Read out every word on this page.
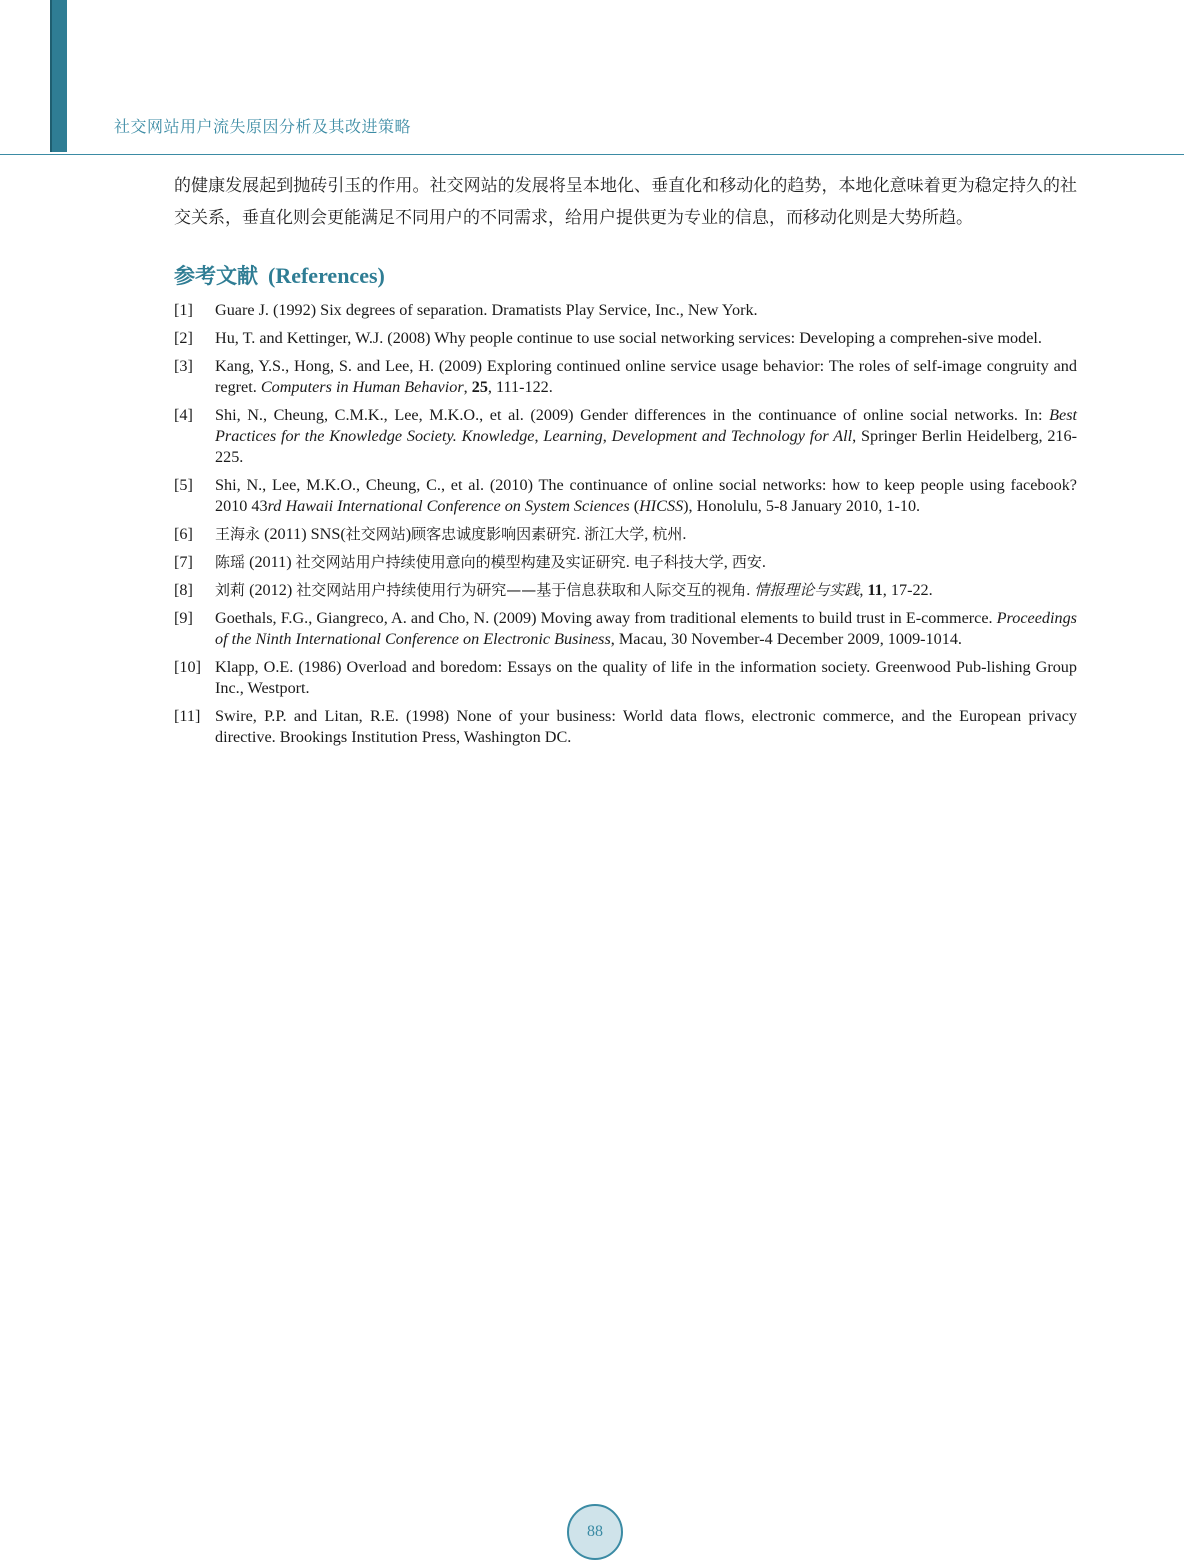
社交网站用户流失原因分析及其改进策略

的健康发展起到抛砖引玉的作用。社交网站的发展将呈本地化、垂直化和移动化的趋势，本地化意味着更为稳定持久的社交关系，垂直化则会更能满足不同用户的不同需求，给用户提供更为专业的信息，而移动化则是大势所趋。

参考文献 (References)
[1]	Guare J. (1992) Six degrees of separation. Dramatists Play Service, Inc., New York.
[2]	Hu, T. and Kettinger, W.J. (2008) Why people continue to use social networking services: Developing a comprehen-sive model.
[3]	Kang, Y.S., Hong, S. and Lee, H. (2009) Exploring continued online service usage behavior: The roles of self-image congruity and regret. Computers in Human Behavior, 25, 111-122.
[4]	Shi, N., Cheung, C.M.K., Lee, M.K.O., et al. (2009) Gender differences in the continuance of online social networks. In: Best Practices for the Knowledge Society. Knowledge, Learning, Development and Technology for All, Springer Berlin Heidelberg, 216-225.
[5]	Shi, N., Lee, M.K.O., Cheung, C., et al. (2010) The continuance of online social networks: how to keep people using facebook? 2010 43rd Hawaii International Conference on System Sciences (HICSS), Honolulu, 5-8 January 2010, 1-10.
[6]	王海永 (2011) SNS(社交网站)顾客忠诚度影响因素研究. 浙江大学, 杭州.
[7]	陈瑶 (2011) 社交网站用户持续使用意向的模型构建及实证研究. 电子科技大学, 西安.
[8]	刘莉 (2012) 社交网站用户持续使用行为研究——基于信息获取和人际交互的视角. 情报理论与实践, 11, 17-22.
[9]	Goethals, F.G., Giangreco, A. and Cho, N. (2009) Moving away from traditional elements to build trust in E-commerce. Proceedings of the Ninth International Conference on Electronic Business, Macau, 30 November-4 December 2009, 1009-1014.
[10] Klapp, O.E. (1986) Overload and boredom: Essays on the quality of life in the information society. Greenwood Pub-lishing Group Inc., Westport.
[11] Swire, P.P. and Litan, R.E. (1998) None of your business: World data flows, electronic commerce, and the European privacy directive. Brookings Institution Press, Washington DC.
88
